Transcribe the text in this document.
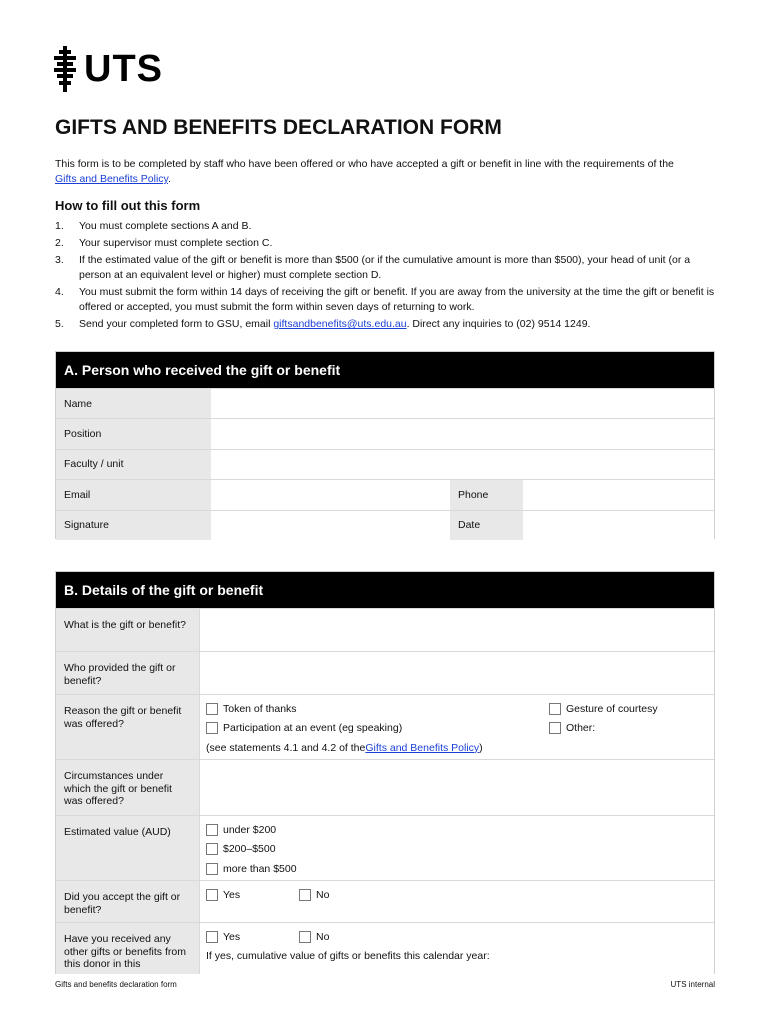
UTS
GIFTS AND BENEFITS DECLARATION FORM

This form is to be completed by staff who have been offered or who have accepted a gift or benefit in line with the requirements of the Gifts and Benefits Policy.

How to fill out this form
1.	You must complete sections A and B.
2.	Your supervisor must complete section C.
3.	If the estimated value of the gift or benefit is more than $500 (or if the cumulative amount is more than $500), your head of unit (or a person at an equivalent level or higher) must complete section D.
4.	You must submit the form within 14 days of receiving the gift or benefit. If you are away from the university at the time the gift or benefit is offered or accepted, you must submit the form within seven days of returning to work.
5.	Send your completed form to GSU, email giftsandbenefits@uts.edu.au. Direct any inquiries to (02) 9514 1249.
A. Person who received the gift or benefit
Name
Position
Faculty / unit
Email	Phone
Signature	Date
B. Details of the gift or benefit
What is the gift or benefit?
Who provided the gift or benefit?
Reason the gift or benefit was offered?
Token of thanks	Gesture of courtesy
Participation at an event (eg speaking)	Other:
(see statements 4.1 and 4.2 of the Gifts and Benefits Policy )
Circumstances under which the gift or benefit was offered?
Estimated value (AUD)	under $200
$200–$500
more than $500
Did you accept the gift or benefit?
Yes	No
Have you received any other gifts or benefits from this donor in this
Yes	No
If yes, cumulative value of gifts or benefits this calendar year:
Gifts and benefits declaration form	UTS internal
